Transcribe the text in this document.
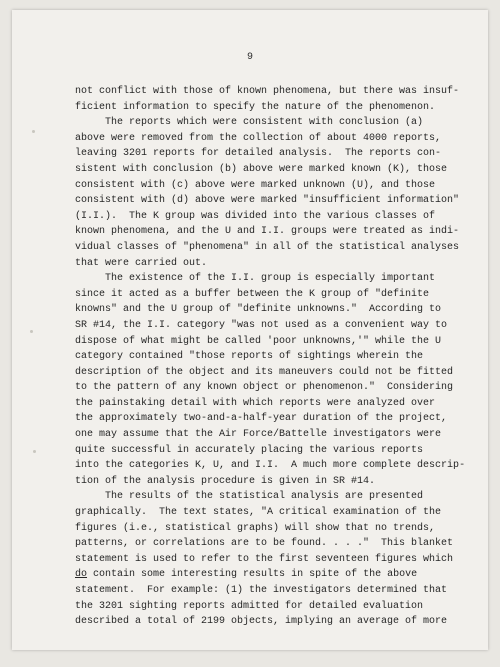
9
not conflict with those of known phenomena, but there was insuf-
ficient information to specify the nature of the phenomenon.
The reports which were consistent with conclusion (a)
above were removed from the collection of about 4000 reports,
leaving 3201 reports for detailed analysis.  The reports con-
sistent with conclusion (b) above were marked known (K), those
consistent with (c) above were marked unknown (U), and those
consistent with (d) above were marked "insufficient information"
(I.I.).  The K group was divided into the various classes of
known phenomena, and the U and I.I. groups were treated as indi-
vidual classes of "phenomena" in all of the statistical analyses
that were carried out.
The existence of the I.I. group is especially important
since it acted as a buffer between the K group of "definite
knowns" and the U group of "definite unknowns."  According to
SR #14, the I.I. category "was not used as a convenient way to
dispose of what might be called 'poor unknowns,'" while the U
category contained "those reports of sightings wherein the
description of the object and its maneuvers could not be fitted
to the pattern of any known object or phenomenon."  Considering
the painstaking detail with which reports were analyzed over
the approximately two-and-a-half-year duration of the project,
one may assume that the Air Force/Battelle investigators were
quite successful in accurately placing the various reports
into the categories K, U, and I.I.  A much more complete descrip-
tion of the analysis procedure is given in SR #14.
The results of the statistical analysis are presented
graphically.  The text states, "A critical examination of the
figures (i.e., statistical graphs) will show that no trends,
patterns, or correlations are to be found. . . ."  This blanket
statement is used to refer to the first seventeen figures which
do contain some interesting results in spite of the above
statement.  For example: (1) the investigators determined that
the 3201 sighting reports admitted for detailed evaluation
described a total of 2199 objects, implying an average of more
